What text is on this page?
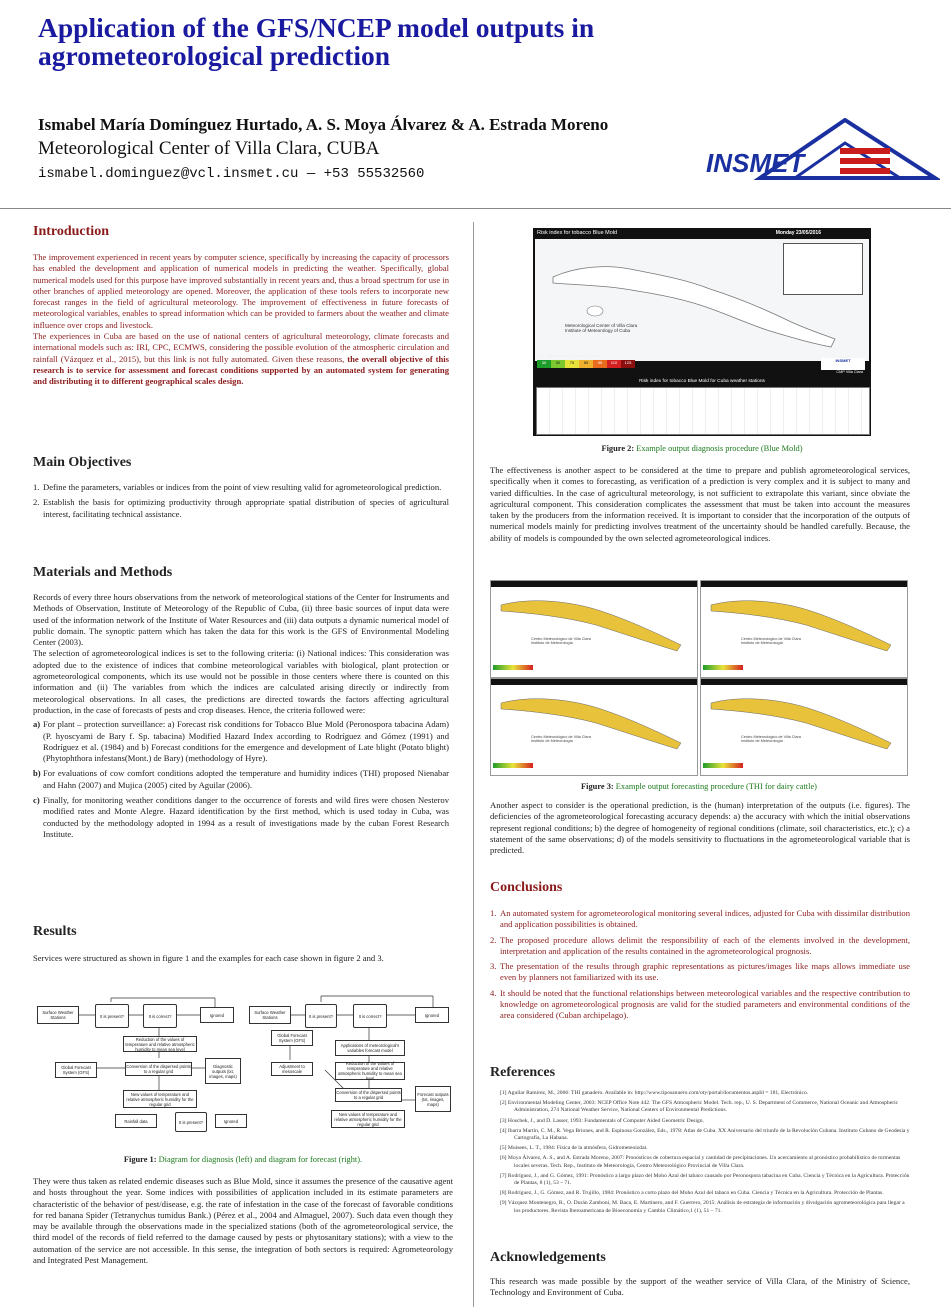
Application of the GFS/NCEP model outputs in agrometeorological prediction
Ismabel María Domínguez Hurtado, A. S. Moya Álvarez & A. Estrada Moreno
Meteorological Center of Villa Clara, CUBA
ismabel.dominguez@vcl.insmet.cu — +53 55532560	INSMET
Introduction

The improvement experienced in recent years by computer science, specifically by increasing the capacity of processors has enabled the development and application of numerical models in predicting the weather. Specifically, global numerical models used for this purpose have improved substantially in recent years and, thus a broad spectrum for use in other branches of applied meteorology are opened. Moreover, the application of these tools refers to incorporate new forecast ranges in the field of agricultural meteorology. The improvement of effectiveness in future forecasts of meteorological variables, enables to spread information which can be provided to farmers about the weather and climate influence over crops and livestock.

The experiences in Cuba are based on the use of national centers of agricultural meteorology, climate forecasts and international models such as: IRI, CPC, ECMWS, considering the possible evolution of the atmospheric circulation and rainfall (Vázquez et al., 2015), but this link is not fully automated. Given these reasons, the overall objective of this research is to service for assessment and forecast conditions supported by an automated system for generating and distributing it to different geographical scales design.

Main Objectives
1. Define the parameters, variables or indices from the point of view resulting valid for agrometeorological prediction.
2. Establish the basis for optimizing productivity through appropriate spatial distribution of species of agricultural interest, facilitating technical assistance.
Materials and Methods

Records of every three hours observations from the network of meteorological stations of the Center for Instruments and Methods of Observation, Institute of Meteorology of the Republic of Cuba, (ii) three basic sources of input data were used of the information network of the Institute of Water Resources and (iii) data outputs a dynamic numerical model of public domain. The synoptic pattern which has taken the data for this work is the GFS of Environmental Modeling Center (2003).

The selection of agrometeorological indices is set to the following criteria: (i) National indices: This consideration was adopted due to the existence of indices that combine meteorological variables with biological, plant protection or agrometeorological components, which its use would not be possible in those centers where there is counted on this information and (ii) The variables from which the indices are calculated arising directly or indirectly from meteorological observations. In all cases, the predictions are directed towards the factors affecting agricultural production, in the case of forecasts of pests and crop diseases. Hence, the criteria followed were:

a) For plant – protection surveillance: a) Forecast risk conditions for Tobacco Blue Mold (Peronospora tabacina Adam) (P. hyoscyami de Bary f. Sp. tabacina) Modified Hazard Index according to Rodríguez and Gómez (1991) and Rodríguez et al. (1984) and b) Forecast conditions for the emergence and development of Late blight (Potato blight) (Phytophthora infestans(Mont.) de Bary) (methodology of Hyre).
b) For evaluations of cow comfort conditions adopted the temperature and humidity indices (THI) proposed Nienabar and Hahn (2007) and Mujica (2005) cited by Aguilar (2006).
c) Finally, for monitoring weather conditions danger to the occurrence of forests and wild fires were chosen Nesterov modified rates and Monte Alegre. Hazard identification by the first method, which is used today in Cuba, was conducted by the methodology adopted in 1994 as a result of investigations made by the cuban Forest Research Institute.
Results
Services were structured as shown in figure 1 and the examples for each case shown in figure 2 and 3.
Surface Weather Stations	It is present?	It is correct?	Ignored
Reduction of the values of temperature and relative atmospheric humidity to mean sea level
Global Forecast System (GFS)
Conversion of the dispersed points to a regular grid
Diagnostic outputs (txt, images, maps)
New values of temperature and relative atmospheric humidity for the regular grid
Rainfall data	It is present?	Ignored
Surface Weather Stations	It is present?	It is correct?	Ignored
Global Forecast System (GFS)
Applications of meteorological's variables forecast model
Adjustment to mesoscale
Reduction of the values of temperature and relative atmospheric humidity to mean sea level
Conversion of the dispersed points to a regular grid
Forecast outputs (txt, images, maps)
New values of temperature and relative atmospheric humidity for the regular grid
Figure 1: Diagram for diagnosis (left) and diagram for forecast (right).
They were thus taken as related endemic diseases such as Blue Mold, since it assumes the presence of the causative agent and hosts throughout the year. Some indices with possibilities of application included in its estimate parameters are characteristic of the behavior of pest/disease, e.g. the rate of infestation in the case of the forecast of favorable conditions for red banana Spider (Tetranychus tumidus Bank.) (Pérez et al., 2004 and Almaguel, 2007). Such data even though they may be available through the observations made in the specialized stations (both of the agrometeorological service, the third model of the records of field referred to the damage caused by pests or phytosanitary stations); with a view to the automation of the service are not accessible. In this sense, the integration of both sectors is required: Agrometeorology and Integrated Pest Management.
Risk index for tobacco Blue Mold	Monday 23/05/2016
Meteorological Center of Villa Clara
Institute of Meteorology of Cuba
Por: I. Domínguez / A. Moya / A. Estrada
30	50	75	85	95	110	125	INSMET
CMP Villa Clara
Risk index for tobacco Blue Mold for Cuba weather stations
Figure 2: Example output diagnosis procedure (Blue Mold)
The effectiveness is another aspect to be considered at the time to prepare and publish agrometeorological services, specifically when it comes to forecasting, as verification of a prediction is very complex and it is subject to many and varied difficulties. In the case of agricultural meteorology, is not sufficient to extrapolate this variant, since obviate the agricultural component. This consideration complicates the assessment that must be taken into account the measures taken by the producers from the information received. It is important to consider that the incorporation of the outputs of numerical models mainly for predicting involves treatment of the uncertainty should be handled carefully. Because, the ability of models is compounded by the own selected agrometeorological indices.
Centro Meteorológico de Villa Clara
Instituto de Meteorología
Centro Meteorológico de Villa Clara
Instituto de Meteorología
Centro Meteorológico de Villa Clara
Instituto de Meteorología
Centro Meteorológico de Villa Clara
Instituto de Meteorología
Figure 3: Example output forecasting procedure (THI for dairy cattle)
Another aspect to consider is the operational prediction, is the (human) interpretation of the outputs (i.e. figures). The deficiencies of the agrometeorological forecasting accuracy depends: a) the accuracy with which the initial observations represent regional conditions; b) the degree of homogeneity of regional conditions (climate, soil characteristics, etc.); c) a statement of the same observations; d) of the models sensitivity to fluctuations in the agrometeorological variable that is predicted.
Conclusions
1. An automated system for agrometeorological monitoring several indices, adjusted for Cuba with dissimilar distribution and application possibilities is obtained.
2. The proposed procedure allows delimit the responsibility of each of the elements involved in the development, interpretation and application of the results contained in the agrometeorological prognosis.
3. The presentation of the results through graphic representations as pictures/images like maps allows immediate use even by planners not familiarized with its use.
4. It should be noted that the functional relationships between meteorological variables and the respective contribution to knowledge on agrometeorological prognosis are valid for the studied parameters and environmental conditions of the area considered (Cuban archipelago).
References
[1] Aguilar Ramírez, M., 2006: THI ganadero. Available in: http://www.tiposanuero.com/oty/portal/documentos.aspId = 181, Electrónico.
[2] Environmental Modeling Center, 2003: NCEP Office Note 442. The GFS Atmospheric Model. Tech. rep., U. S. Department of Commerce, National Oceanic and Atmospheric Administration, 274 National Weather Service, National Centers of Environmental Predictions.
[3] Hoschek, J., and D. Lasser, 1993: Fundamentals of Computer Aided Geometric Design.
[4] Ibarra Martín, C. M., R. Vega Briones, and R. Espinosa González, Eds., 1978: Atlas de Cuba. XX Aniversario del triunfo de la Revolución Cubana. Instituto Cubano de Geodesia y Cartografía, La Habana.
[5] Muisees, L. T., 1984: Física de la atmósfera, Gidrometeoizdat.
[6] Moya Álvarez, A. S., and A. Estrada Moreno, 2007: Pronósticos de cobertura espacial y cantidad de precipitaciones. Un acercamiento al pronóstico probabilístico de tormentas locales severas. Tech. Rep., Instituto de Meteorología, Centro Meteorológico Provincial de Villa Clara.
[7] Rodríguez, J., and G. Gómez, 1991: Pronóstico a largo plazo del Moho Azul del tabaco causado por Peronospora tabacina en Cuba. Ciencia y Técnica en la Agricultura. Protección de Plantas, 8 (1), 53 – 71.
[8] Rodríguez, J., G. Gómez, and R. Trujillo, 1984: Pronóstico a corto plazo del Moho Azul del tabaco en Cuba. Ciencia y Técnica en la Agricultura. Protección de Plantas.
[9] Vázquez Montenegro, R., O. Durán Zamboni, M. Baca, E. Martinero, and F. Guerrero, 2015: Análisis de estrategia de información y divulgación agrometeorológica para llegar a los productores. Revista Iberoamericana de Bioeconomía y Cambio Climático,1 (1), 51 – 71.
Acknowledgements
This research was made possible by the support of the weather service of Villa Clara, of the Ministry of Science, Technology and Environment of Cuba.
